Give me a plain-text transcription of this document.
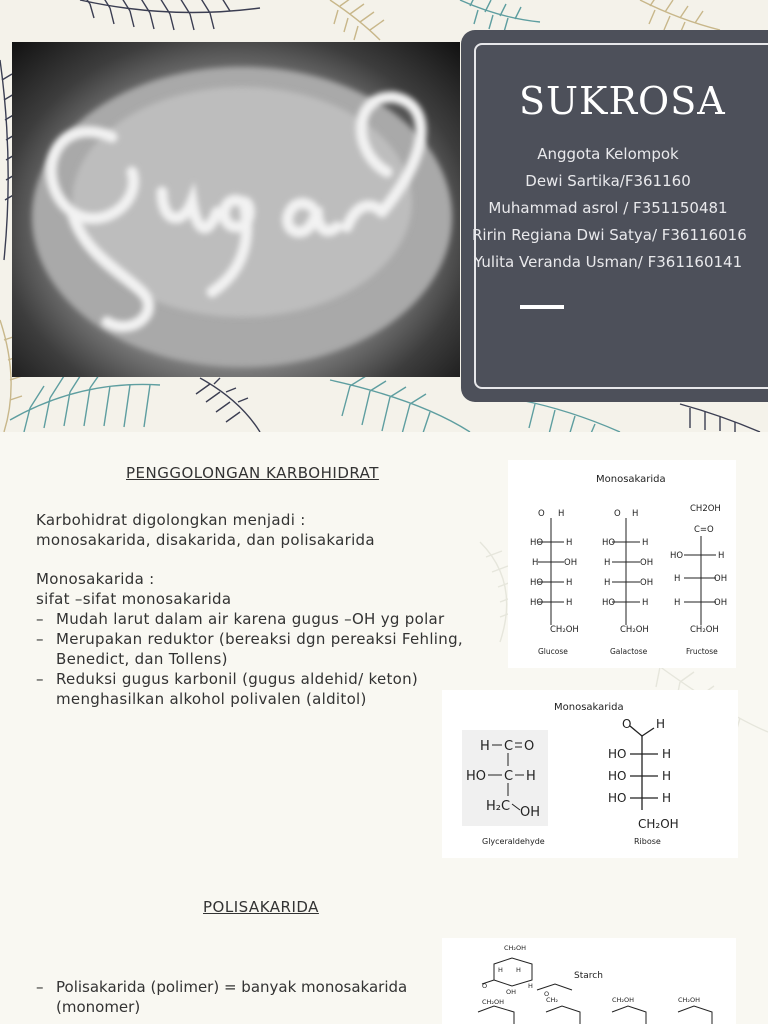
SUKROSA
Anggota Kelompok
Dewi Sartika/F361160
Muhammad asrol / F351150481
Ririn Regiana Dwi Satya/ F36116016
Yulita Veranda Usman/ F361160141
PENGGOLONGAN KARBOHIDRAT

Karbohidrat digolongkan menjadi :

monosakarida, disakarida, dan polisakarida

Monosakarida :

sifat –sifat monosakarida

– Mudah larut dalam air karena gugus –OH yg polar
– Merupakan reduktor (bereaksi dgn pereaksi Fehling, Benedict, dan Tollens)
– Reduksi gugus karbonil (gugus aldehid/ keton) menghasilkan alkohol polivalen (alditol)
Monosakarida
O H
HO	H
H	OH
HO	H
HO	H
CH₂OH
O H
HO	H
H	OH
H	OH
HO	H
CH₂OH
HO	H
H	OH
H	OH
CH₂OH
CH2OH
C=O
Glucose	Galactose	Fructose
Monosakarida
H C O
HO C H
H₂C OH
O H
HO	H
HO	H
HO	H
CH₂OH
Glyceraldehyde	Ribose
POLISAKARIDA
CH₂OH
H H
O
OH
H
O
CH₂OH	CH₂	CH₂OH	CH₂OH
Starch
– Polisakarida (polimer) = banyak monosakarida (monomer)
